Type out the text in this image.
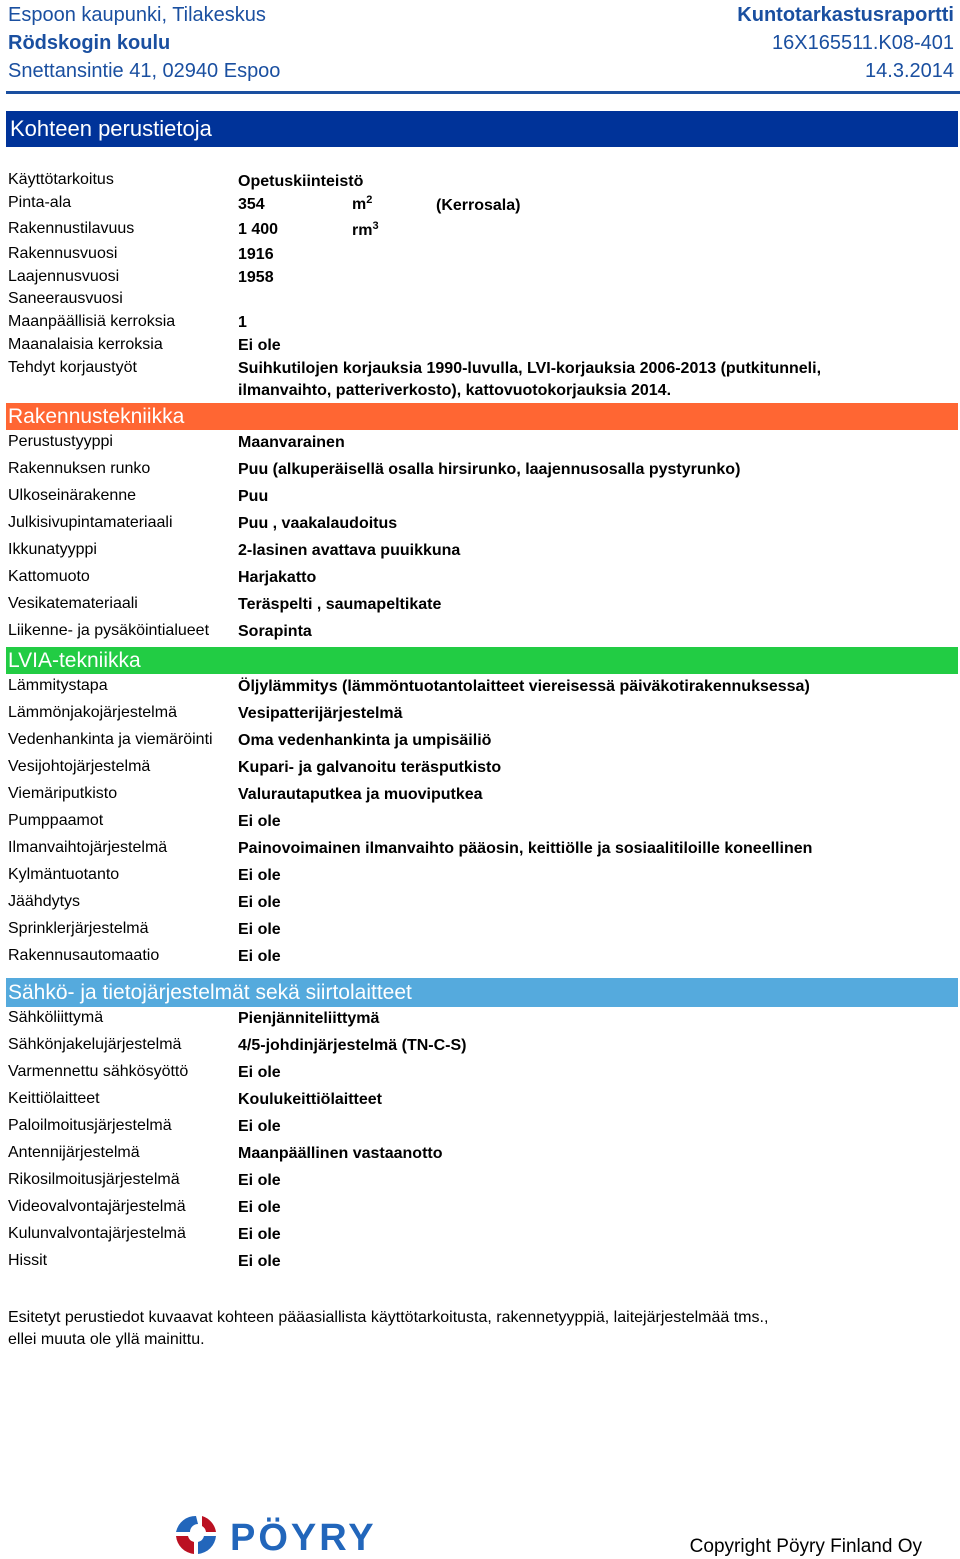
Espoon kaupunki, Tilakeskus
Rödskogin koulu
Snettansintie 41, 02940 Espoo
Kuntotarkastusraportti
16X165511.K08-401
14.3.2014
Kohteen perustietoja
Käyttötarkoitus	Opetuskiinteistö
Pinta-ala	354	$m^2$	(Kerrosala)
Rakennustilavuus	1 400	$rm^3$
Rakennusvuosi	1916
Laajennusvuosi	1958
Saneerausvuosi
Maanpäällisiä kerroksia	1
Maanalaisia kerroksia	Ei ole
Tehdyt korjaustyöt	Suihkutilojen korjauksia 1990-luvulla, LVI-korjauksia 2006-2013 (putkitunneli,
ilmanvaihto, patteriverkosto), kattovuotokorjauksia 2014.
Rakennustekniikka
Perustustyyppi	Maanvarainen
Rakennuksen runko	Puu (alkuperäisellä osalla hirsirunko, laajennusosalla pystyrunko)
Ulkoseinärakenne	Puu
Julkisivupintamateriaali	Puu , vaakalaudoitus
Ikkunatyyppi	2-lasinen avattava puuikkuna
Kattomuoto	Harjakatto
Vesikatemateriaali	Teräspelti , saumapeltikate
Liikenne- ja pysäköintialueet	Sorapinta
LVIA-tekniikka
Lämmitystapa	Öljylämmitys (lämmöntuotantolaitteet viereisessä päiväkotirakennuksessa)
Lämmönjakojärjestelmä	Vesipatterijärjestelmä
Vedenhankinta ja viemäröinti	Oma vedenhankinta ja umpisäiliö
Vesijohtojärjestelmä	Kupari- ja galvanoitu teräsputkisto
Viemäriputkisto	Valurautaputkea ja muoviputkea
Pumppaamot	Ei ole
Ilmanvaihtojärjestelmä	Painovoimainen ilmanvaihto pääosin, keittiölle ja sosiaalitiloille koneellinen
Kylmäntuotanto	Ei ole
Jäähdytys	Ei ole
Sprinklerjärjestelmä	Ei ole
Rakennusautomaatio	Ei ole
Sähkö- ja tietojärjestelmät sekä siirtolaitteet
Sähköliittymä	Pienjänniteliittymä
Sähkönjakelujärjestelmä	4/5-johdinjärjestelmä (TN-C-S)
Varmennettu sähkösyöttö	Ei ole
Keittiölaitteet	Koulukeittiölaitteet
Paloilmoitusjärjestelmä	Ei ole
Antennijärjestelmä	Maanpäällinen vastaanotto
Rikosilmoitusjärjestelmä	Ei ole
Videovalvontajärjestelmä	Ei ole
Kulunvalvontajärjestelmä	Ei ole
Hissit	Ei ole
Esitetyt perustiedot kuvaavat kohteen pääasiallista käyttötarkoitusta, rakennetyyppiä, laitejärjestelmää tms.,
ellei muuta ole yllä mainittu.
PÖYRY	Copyright Pöyry Finland Oy
